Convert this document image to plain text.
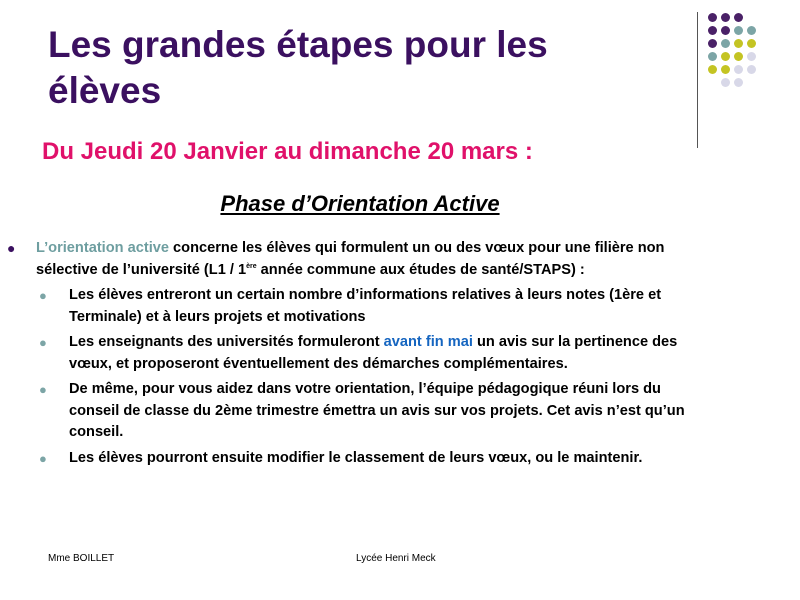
Les grandes étapes pour les élèves
Du Jeudi 20 Janvier au dimanche 20 mars :
Phase d’Orientation Active
● L’orientation active concerne les élèves qui formulent un ou des vœux pour une filière non sélective de l’université (L1 / 1ère année commune aux études de santé/STAPS) :
● Les élèves entreront un certain nombre d’informations relatives à leurs notes (1ère et Terminale) et à leurs projets et motivations
● Les enseignants des universités formuleront avant fin mai un avis sur la pertinence des vœux, et proposeront éventuellement des démarches complémentaires.
● De même, pour vous aidez dans votre orientation, l’équipe pédagogique réuni lors du conseil de classe du 2ème trimestre émettra un avis sur vos projets. Cet avis n’est qu’un conseil.
● Les élèves pourront ensuite modifier le classement de leurs vœux, ou le maintenir.
Mme BOILLET	Lycée Henri Meck
